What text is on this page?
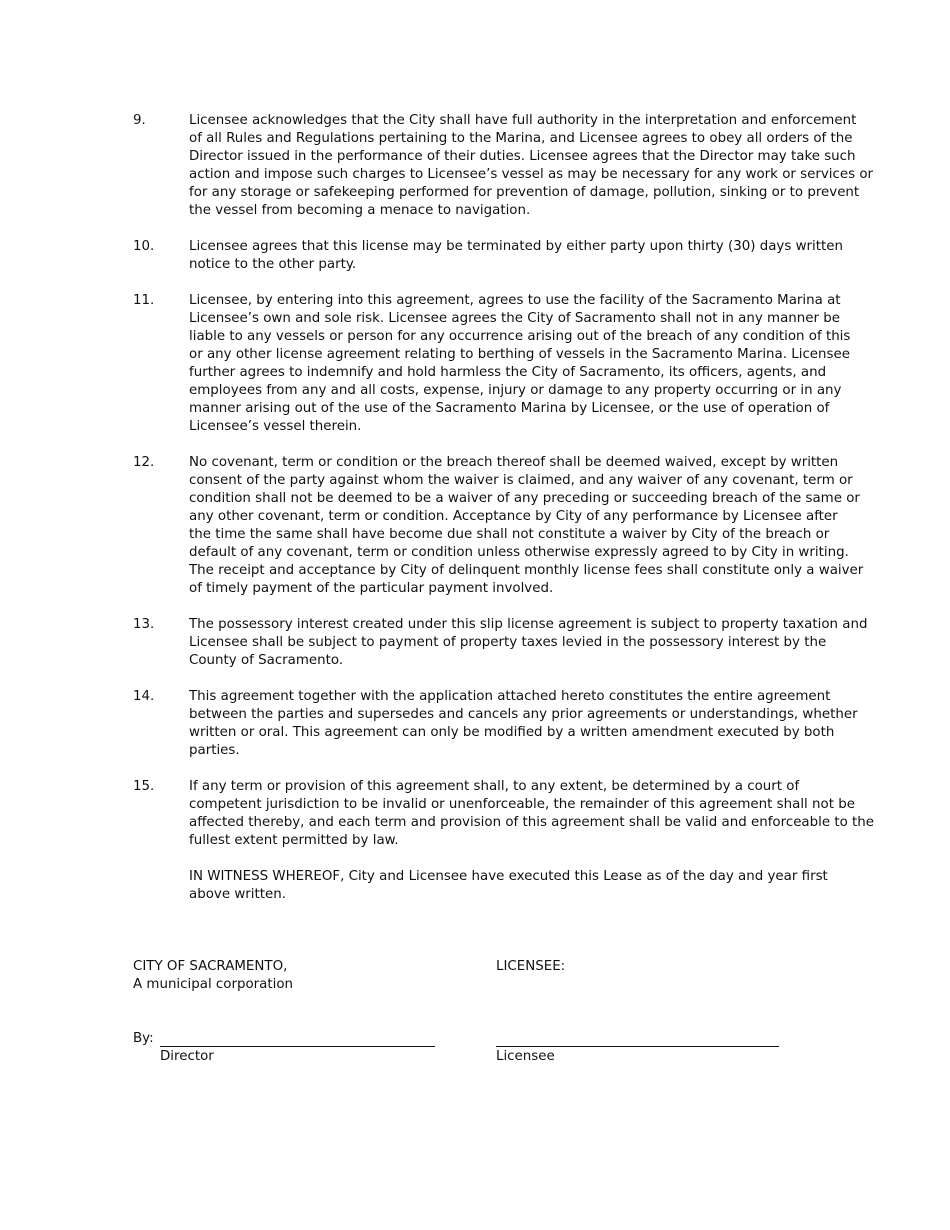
9.	Licensee acknowledges that the City shall have full authority in the interpretation and enforcement
of all Rules and Regulations pertaining to the Marina, and Licensee agrees to obey all orders of the
Director issued in the performance of their duties. Licensee agrees that the Director may take such
action and impose such charges to Licensee’s vessel as may be necessary for any work or services or
for any storage or safekeeping performed for prevention of damage, pollution, sinking or to prevent
the vessel from becoming a menace to navigation.
10.	Licensee agrees that this license may be terminated by either party upon thirty (30) days written
notice to the other party.
11.	Licensee, by entering into this agreement, agrees to use the facility of the Sacramento Marina at
Licensee’s own and sole risk. Licensee agrees the City of Sacramento shall not in any manner be
liable to any vessels or person for any occurrence arising out of the breach of any condition of this
or any other license agreement relating to berthing of vessels in the Sacramento Marina. Licensee
further agrees to indemnify and hold harmless the City of Sacramento, its officers, agents, and
employees from any and all costs, expense, injury or damage to any property occurring or in any
manner arising out of the use of the Sacramento Marina by Licensee, or the use of operation of
Licensee’s vessel therein.
12.	No covenant, term or condition or the breach thereof shall be deemed waived, except by written
consent of the party against whom the waiver is claimed, and any waiver of any covenant, term or
condition shall not be deemed to be a waiver of any preceding or succeeding breach of the same or
any other covenant, term or condition. Acceptance by City of any performance by Licensee after
the time the same shall have become due shall not constitute a waiver by City of the breach or
default of any covenant, term or condition unless otherwise expressly agreed to by City in writing.
The receipt and acceptance by City of delinquent monthly license fees shall constitute only a waiver
of timely payment of the particular payment involved.
13.	The possessory interest created under this slip license agreement is subject to property taxation and
Licensee shall be subject to payment of property taxes levied in the possessory interest by the
County of Sacramento.
14.	This agreement together with the application attached hereto constitutes the entire agreement
between the parties and supersedes and cancels any prior agreements or understandings, whether
written or oral. This agreement can only be modified by a written amendment executed by both
parties.
15.	If any term or provision of this agreement shall, to any extent, be determined by a court of
competent jurisdiction to be invalid or unenforceable, the remainder of this agreement shall not be
affected thereby, and each term and provision of this agreement shall be valid and enforceable to the
fullest extent permitted by law.
IN WITNESS WHEREOF, City and Licensee have executed this Lease as of the day and year first
above written.
CITY OF SACRAMENTO,
A municipal corporation
LICENSEE:
By:
Director	Licensee
